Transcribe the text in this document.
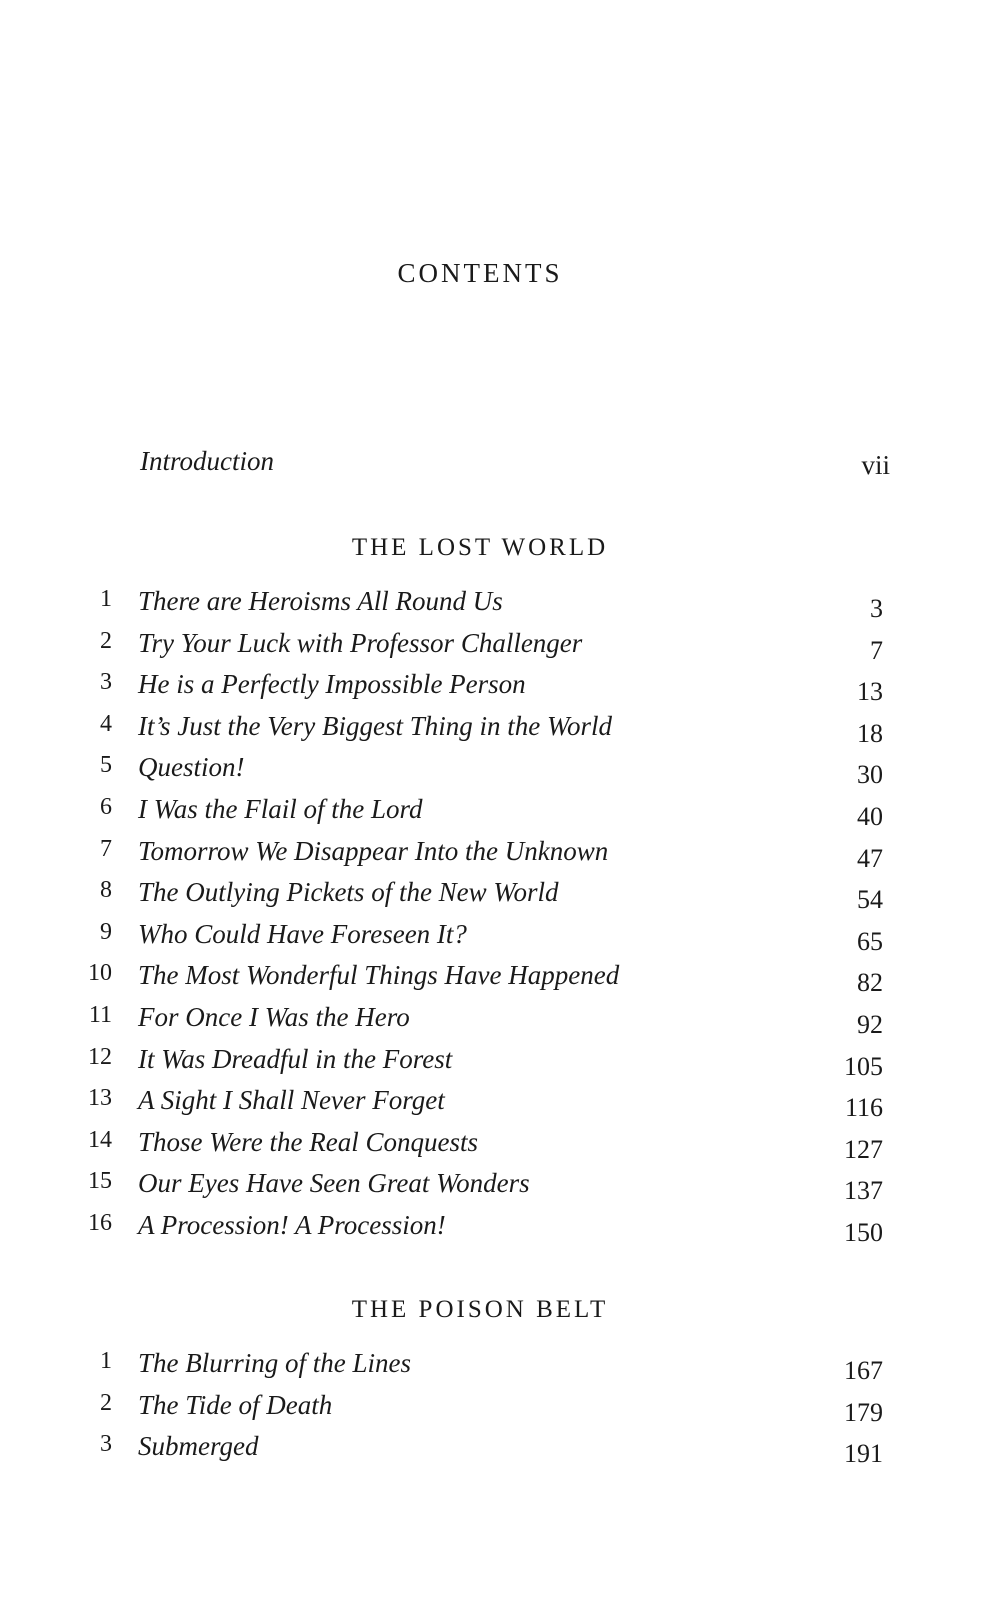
CONTENTS
Introduction	vii
THE LOST WORLD
1 There are Heroisms All Round Us	3
2 Try Your Luck with Professor Challenger	7
3 He is a Perfectly Impossible Person	13
4 It’s Just the Very Biggest Thing in the World	18
5 Question!	30
6 I Was the Flail of the Lord	40
7 Tomorrow We Disappear Into the Unknown	47
8 The Outlying Pickets of the New World	54
9 Who Could Have Foreseen It?	65
10 The Most Wonderful Things Have Happened	82
11 For Once I Was the Hero	92
12 It Was Dreadful in the Forest	105
13 A Sight I Shall Never Forget	116
14 Those Were the Real Conquests	127
15 Our Eyes Have Seen Great Wonders	137
16 A Procession! A Procession!	150
THE POISON BELT
1 The Blurring of the Lines	167
2 The Tide of Death	179
3 Submerged	191
